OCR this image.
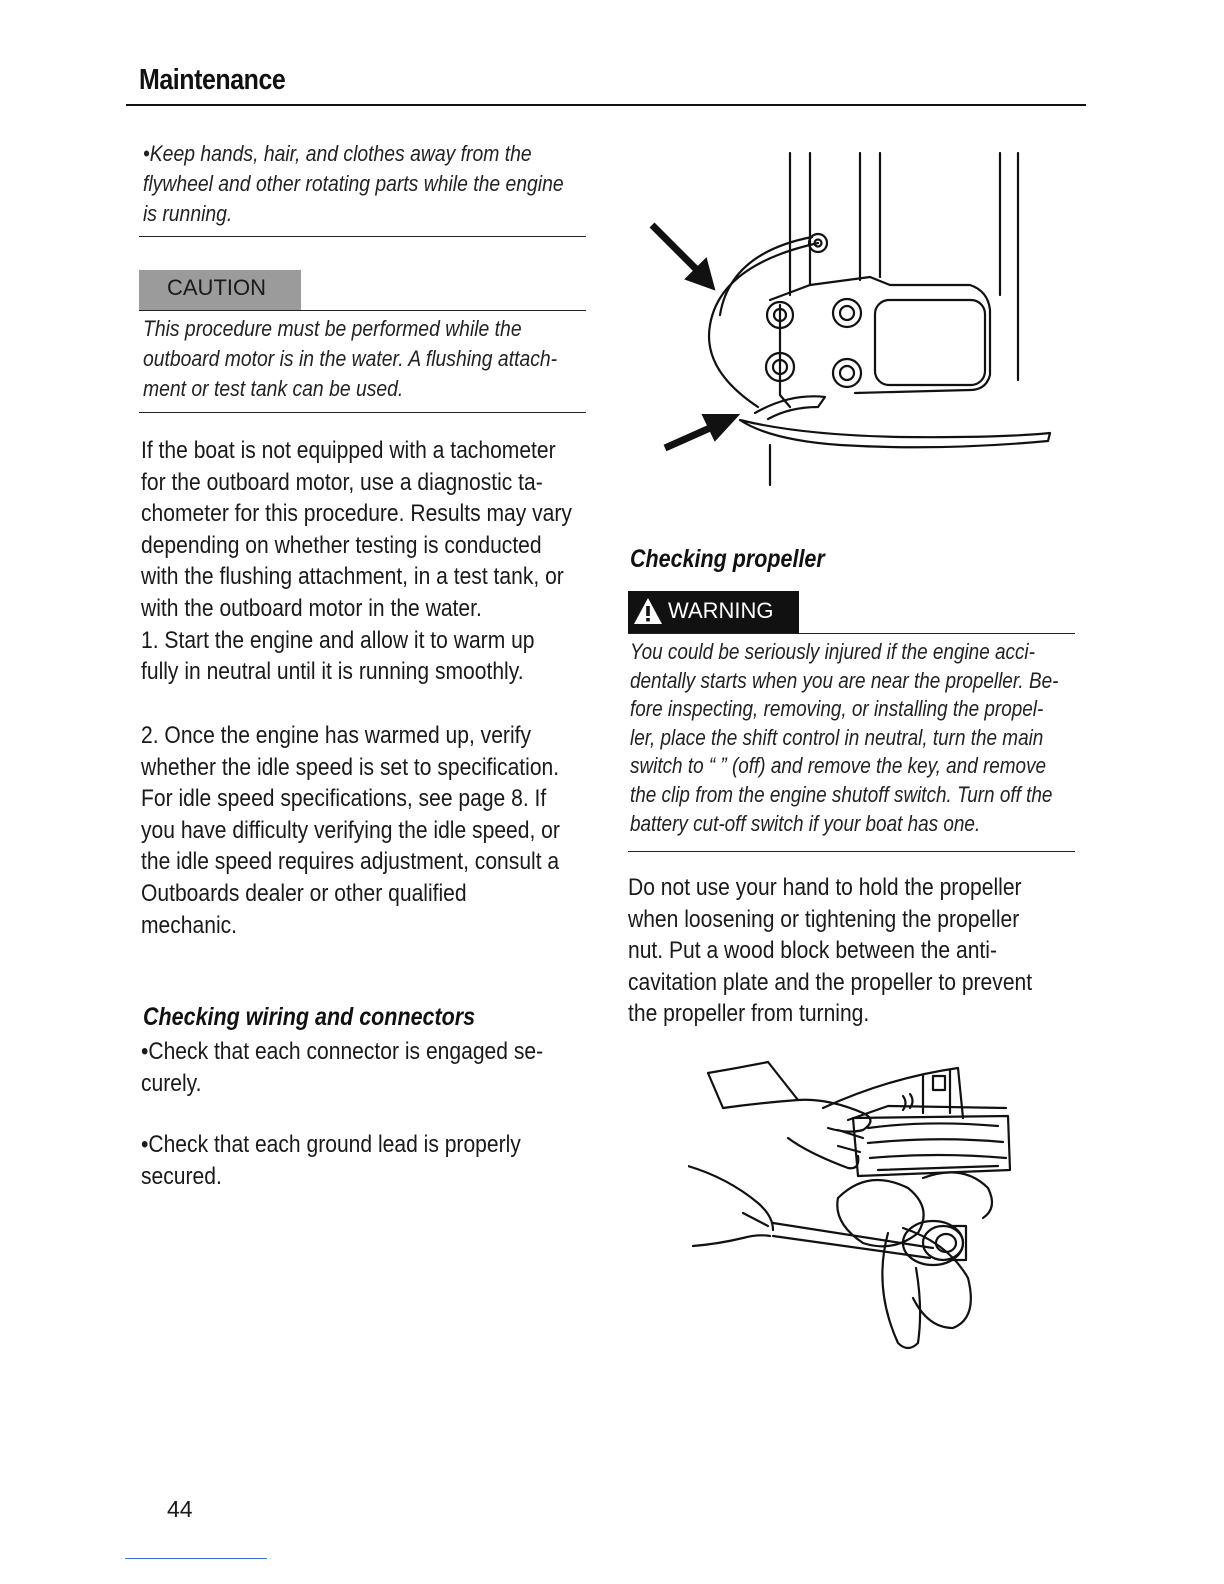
Maintenance
•Keep hands, hair, and clothes away from the
flywheel and other rotating parts while the engine
is running.
CAUTION
This procedure must be performed while the
outboard motor is in the water. A flushing attach-
ment or test tank can be used.
If the boat is not equipped with a tachometer
for the outboard motor, use a diagnostic ta-
chometer for this procedure. Results may vary
depending on whether testing is conducted
with the flushing attachment, in a test tank, or
with the outboard motor in the water.
1. Start the engine and allow it to warm up
fully in neutral until it is running smoothly.
2. Once the engine has warmed up, verify
whether the idle speed is set to specification.
For idle speed specifications, see page 8. If
you have difficulty verifying the idle speed, or
the idle speed requires adjustment, consult a
Outboards dealer or other qualified
mechanic.
Checking wiring and connectors
•Check that each connector is engaged se-
curely.
•Check that each ground lead is properly
secured.
Checking propeller
WARNING
You could be seriously injured if the engine acci-
dentally starts when you are near the propeller. Be-
fore inspecting, removing, or installing the propel-
ler, place the shift control in neutral, turn the main
switch to “ ” (off) and remove the key, and remove
the clip from the engine shutoff switch. Turn off the
battery cut-off switch if your boat has one.
Do not use your hand to hold the propeller
when loosening or tightening the propeller
nut. Put a wood block between the anti-
cavitation plate and the propeller to prevent
the propeller from turning.
44
